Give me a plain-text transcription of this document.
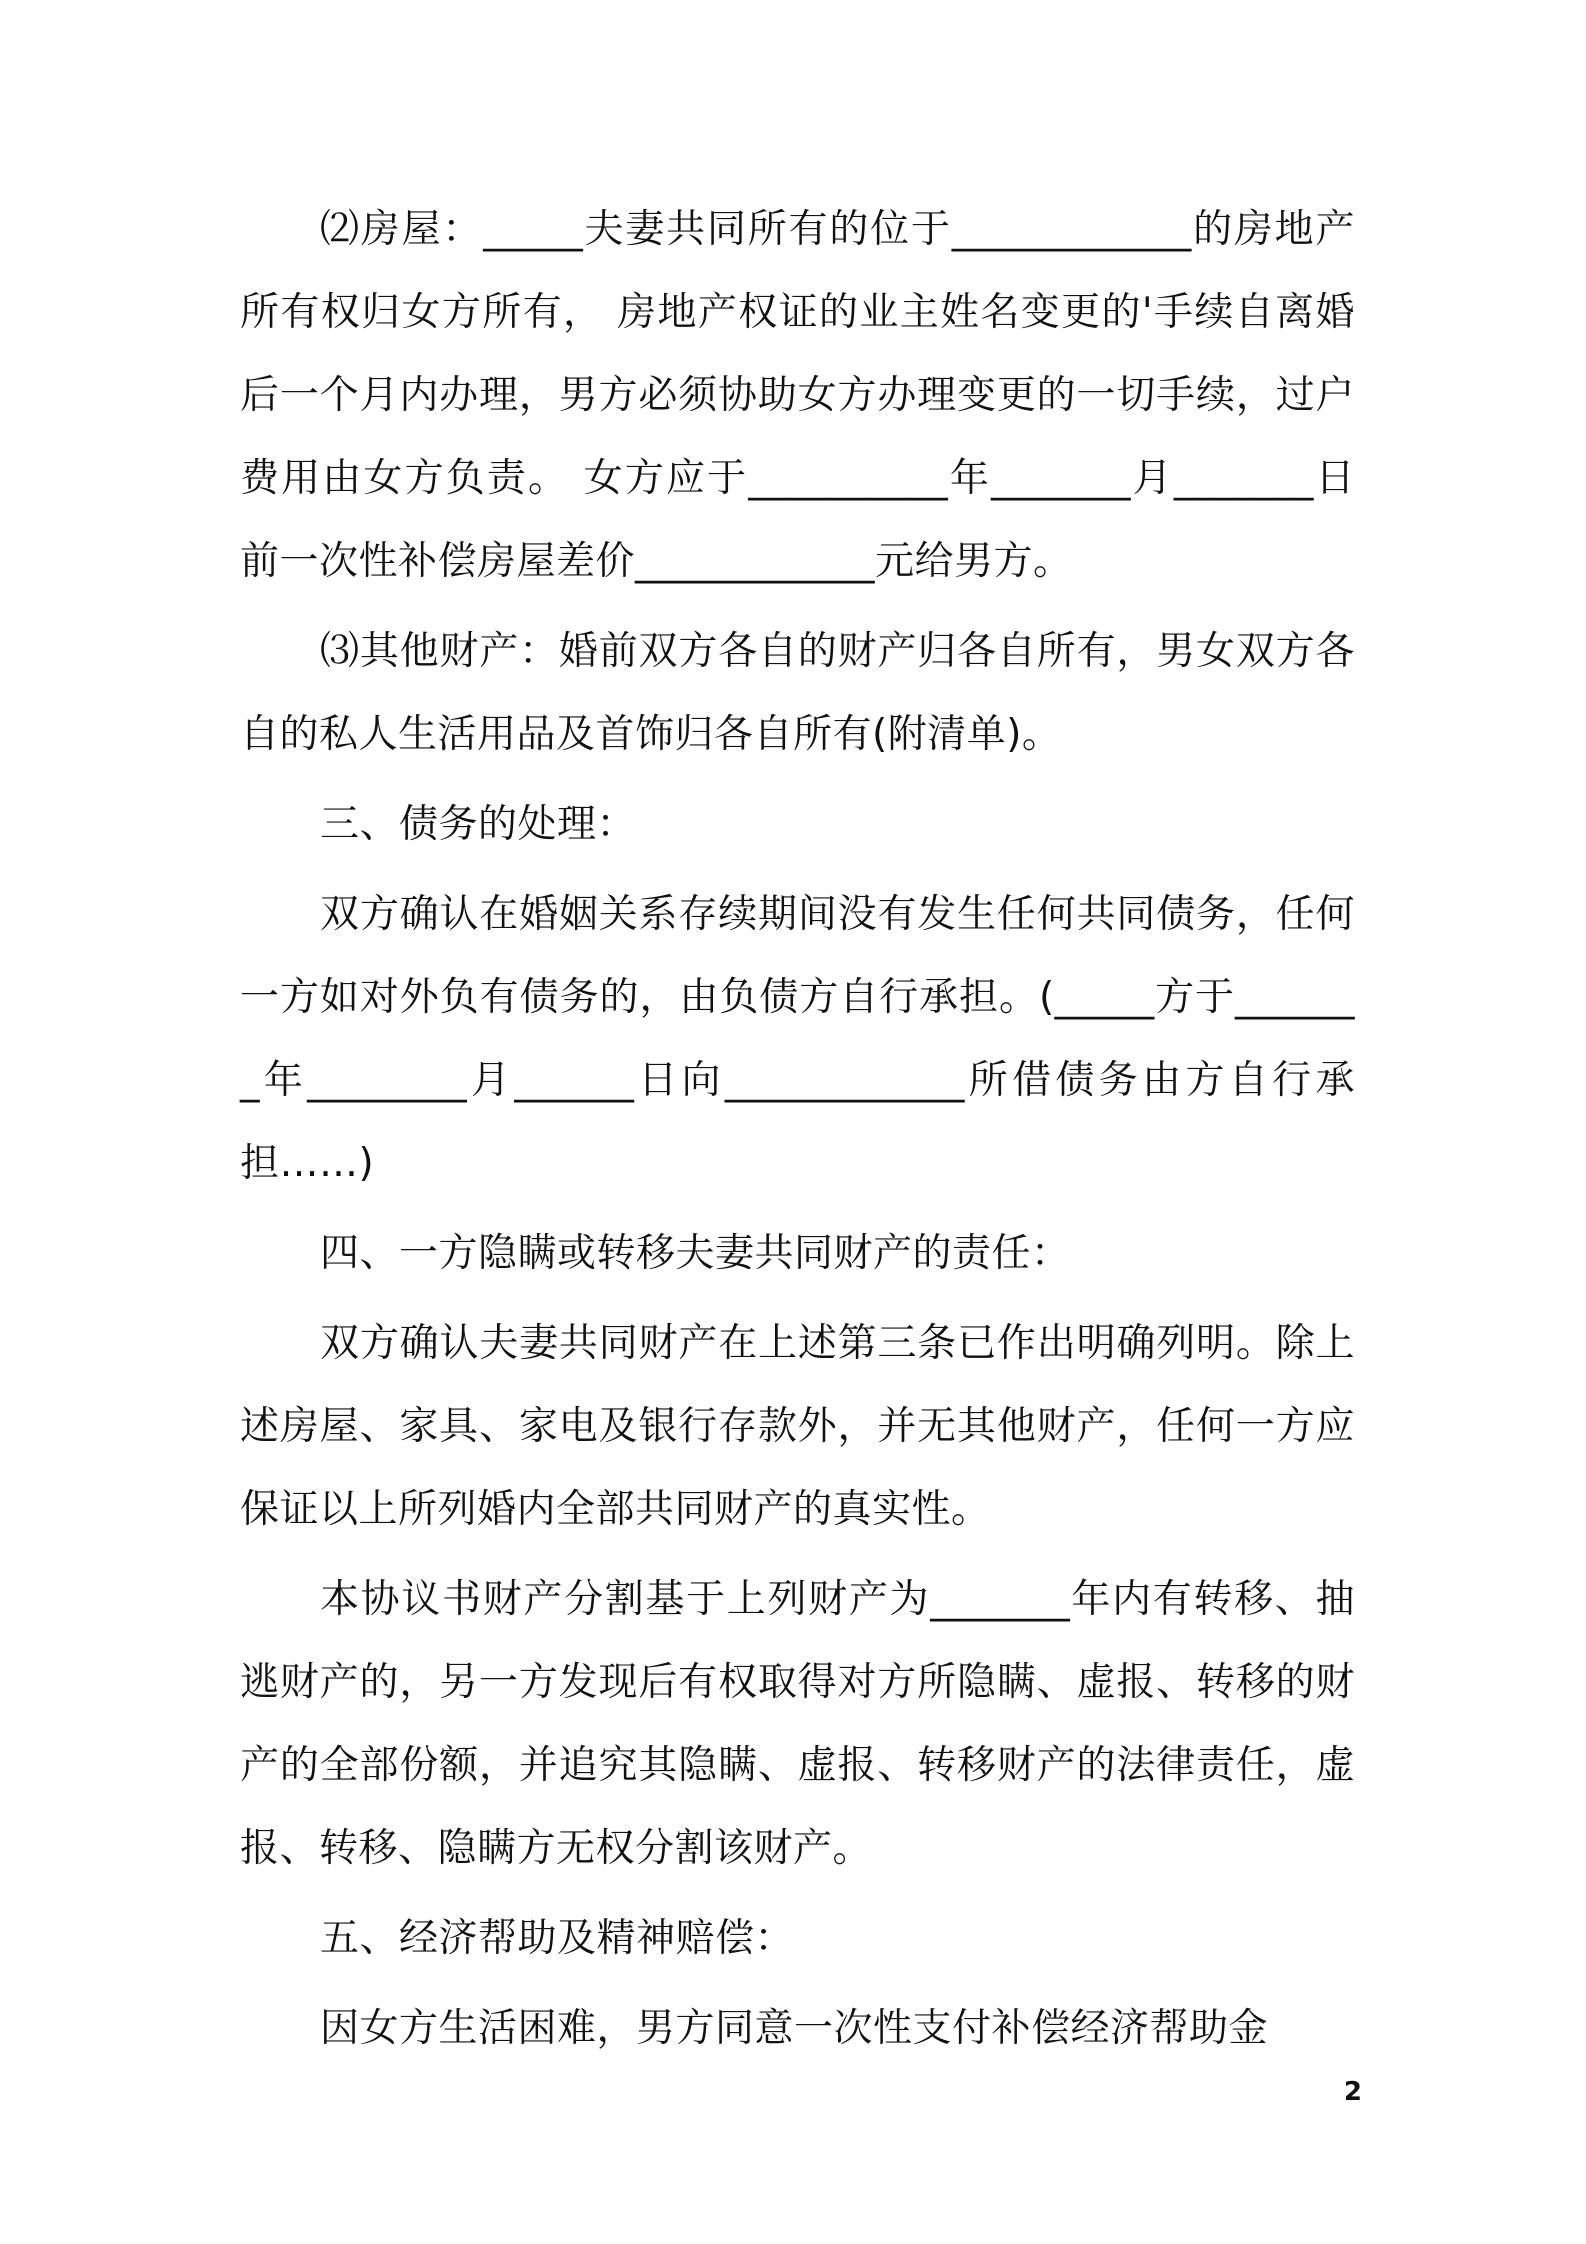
⑵房屋：_____夫妻共同所有的位于____________的房地产所有权归女方所有， 房地产权证的业主姓名变更的'手续自离婚后一个月内办理，男方必须协助女方办理变更的一切手续，过户费用由女方负责。 女方应于__________年_______月_______日前一次性补偿房屋差价____________元给男方。

⑶其他财产：婚前双方各自的财产归各自所有，男女双方各自的私人生活用品及首饰归各自所有(附清单)。

三、债务的处理：

双方确认在婚姻关系存续期间没有发生任何共同债务，任何一方如对外负有债务的，由负债方自行承担。(_____方于_______年________月______日向____________所借债务由方自行承担……)

四、一方隐瞒或转移夫妻共同财产的责任：

双方确认夫妻共同财产在上述第三条已作出明确列明。除上述房屋、家具、家电及银行存款外，并无其他财产，任何一方应保证以上所列婚内全部共同财产的真实性。

本协议书财产分割基于上列财产为_______年内有转移、抽逃财产的，另一方发现后有权取得对方所隐瞒、虚报、转移的财产的全部份额，并追究其隐瞒、虚报、转移财产的法律责任，虚报、转移、隐瞒方无权分割该财产。

五、经济帮助及精神赔偿：

因女方生活困难，男方同意一次性支付补偿经济帮助金

2
